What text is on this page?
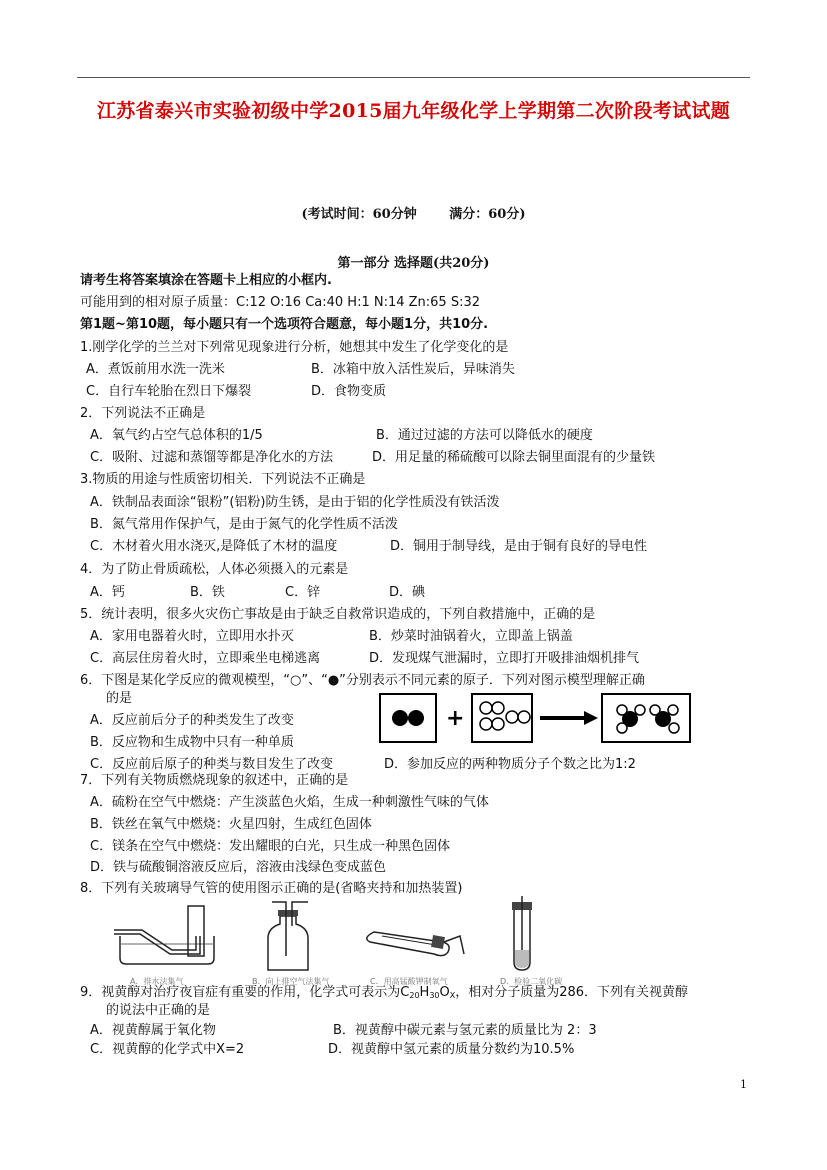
江苏省泰兴市实验初级中学2015届九年级化学上学期第二次阶段考试试题
(考试时间：60分钟	满分：60分)
第一部分 选择题(共20分)
请考生将答案填涂在答题卡上相应的小框内.
可能用到的相对原子质量：C:12 O:16 Ca:40 H:1 N:14 Zn:65 S:32
第1题~第10题，每小题只有一个选项符合题意，每小题1分，共10分.
1.刚学化学的兰兰对下列常见现象进行分析，她想其中发生了化学变化的是
A．煮饭前用水洗一洗米	B．冰箱中放入活性炭后，异味消失
C．自行车轮胎在烈日下爆裂	D．食物变质
2．下列说法不正确是
A．氧气约占空气总体积的1/5	B．通过过滤的方法可以降低水的硬度
C．吸附、过滤和蒸馏等都是净化水的方法	D．用足量的稀硫酸可以除去铜里面混有的少量铁
3.物质的用途与性质密切相关．下列说法不正确是
A．铁制品表面涂“银粉”(铝粉)防生锈，是由于铝的化学性质没有铁活泼
B．氮气常用作保护气，是由于氮气的化学性质不活泼
C．木材着火用水浇灭,是降低了木材的温度	D．铜用于制导线，是由于铜有良好的导电性
4．为了防止骨质疏松，人体必须摄入的元素是
A．钙	B．铁	C．锌	D．碘
5．统计表明，很多火灾伤亡事故是由于缺乏自救常识造成的，下列自救措施中，正确的是
A．家用电器着火时，立即用水扑灭	B．炒菜时油锅着火，立即盖上锅盖
C．高层住房着火时，立即乘坐电梯逃离	D．发现煤气泄漏时，立即打开吸排油烟机排气
6．下图是某化学反应的微观模型，“○”、“●”分别表示不同元素的原子．下列对图示模型理解正确
的是
A．反应前后分子的种类发生了改变
B．反应物和生成物中只有一种单质
C．反应前后原子的种类与数目发生了改变	D．参加反应的两种物质分子个数之比为1:2
+
7．下列有关物质燃烧现象的叙述中，正确的是
A．硫粉在空气中燃烧：产生淡蓝色火焰，生成一种刺激性气味的气体
B．铁丝在氧气中燃烧：火星四射，生成红色固体
C．镁条在空气中燃烧：发出耀眼的白光，只生成一种黑色固体
D．铁与硫酸铜溶液反应后，溶液由浅绿色变成蓝色
8．下列有关玻璃导气管的使用图示正确的是(省略夹持和加热装置)
A．排水法集气	B．向上排空气法集气	C．用高锰酸钾制氧气	D．检验二氧化碳
9．视黄醇对治疗夜盲症有重要的作用，化学式可表示为$C_{20}H_{30}O_X$，相对分子质量为286．下列有关视黄醇
的说法中正确的是
A．视黄醇属于氧化物	B．视黄醇中碳元素与氢元素的质量比为 2：3
C．视黄醇的化学式中X=2	D．视黄醇中氢元素的质量分数约为10.5%
1
